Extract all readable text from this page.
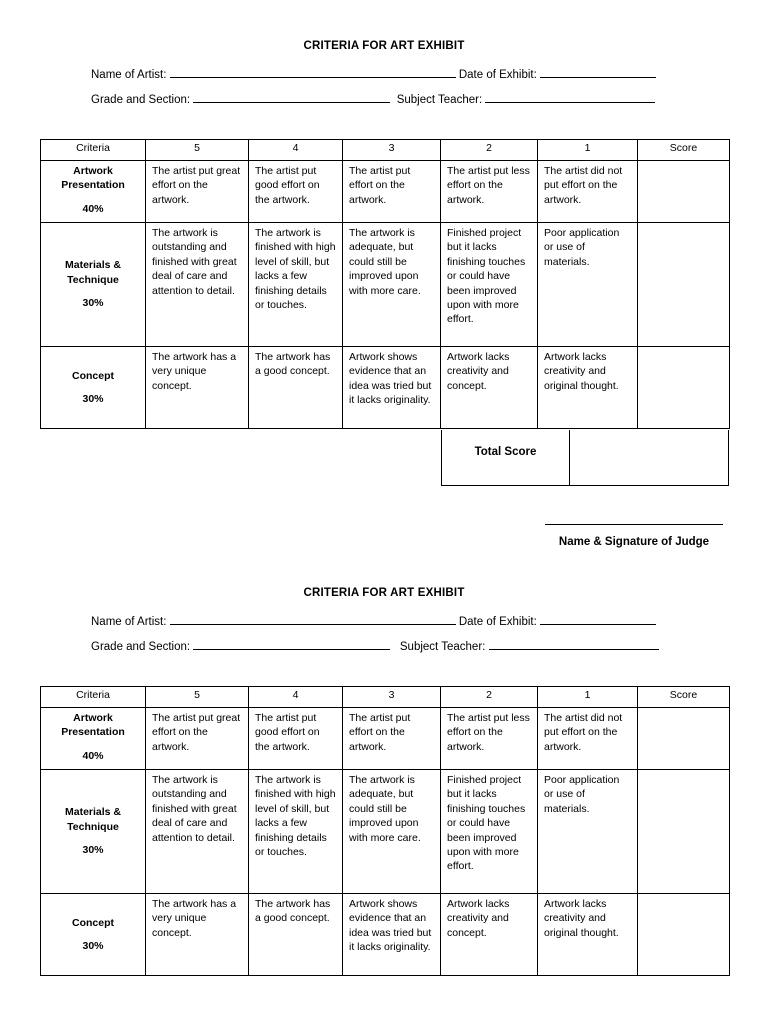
CRITERIA FOR ART EXHIBIT
Name of Artist:	Date of Exhibit:
Grade and Section:	Subject Teacher:
Criteria	5	4	3	2	1	Score

Artwork
Presentation
40%	The artist put great effort on the artwork.	The artist put good effort on the artwork.	The artist put effort on the artwork.	The artist put less effort on the artwork.	The artist did not put effort on the artwork.	

Materials &
Technique
30%	The artwork is outstanding and finished with great deal of care and attention to detail.	The artwork is finished with high level of skill, but lacks a few finishing details or touches.	The artwork is adequate, but could still be improved upon with more care.	Finished project but it lacks finishing touches or could have been improved upon with more effort.	Poor application or use of materials.	

Concept
30%	The artwork has a very unique concept.	The artwork has a good concept.	Artwork shows evidence that an idea was tried but it lacks originality.	Artwork lacks creativity and concept.	Artwork lacks creativity and original thought.	
Total Score
Name & Signature of Judge
CRITERIA FOR ART EXHIBIT
Name of Artist:	Date of Exhibit:
Grade and Section:	Subject Teacher:
Criteria	5	4	3	2	1	Score

Artwork
Presentation
40%	The artist put great effort on the artwork.	The artist put good effort on the artwork.	The artist put effort on the artwork.	The artist put less effort on the artwork.	The artist did not put effort on the artwork.	

Materials &
Technique
30%	The artwork is outstanding and finished with great deal of care and attention to detail.	The artwork is finished with high level of skill, but lacks a few finishing details or touches.	The artwork is adequate, but could still be improved upon with more care.	Finished project but it lacks finishing touches or could have been improved upon with more effort.	Poor application or use of materials.	

Concept
30%	The artwork has a very unique concept.	The artwork has a good concept.	Artwork shows evidence that an idea was tried but it lacks originality.	Artwork lacks creativity and concept.	Artwork lacks creativity and original thought.	
